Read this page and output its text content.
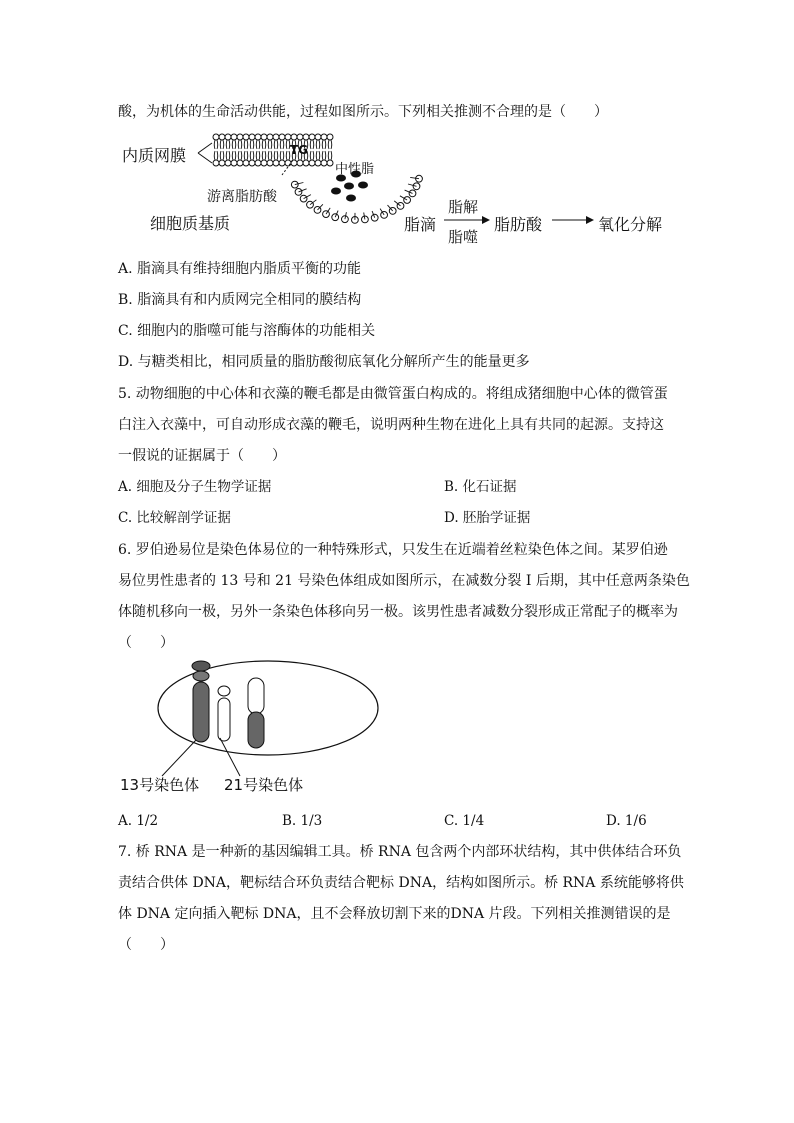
酸，为机体的生命活动供能，过程如图所示。下列相关推测不合理的是（　　）
内质网膜	TG
游离脂肪酸
中性脂
细胞质基质	脂滴
脂解
脂噬
脂肪酸	氧化分解
A. 脂滴具有维持细胞内脂质平衡的功能
B. 脂滴具有和内质网完全相同的膜结构
C. 细胞内的脂噬可能与溶酶体的功能相关
D. 与糖类相比，相同质量的脂肪酸彻底氧化分解所产生的能量更多
5. 动物细胞的中心体和衣藻的鞭毛都是由微管蛋白构成的。将组成猪细胞中心体的微管蛋
白注入衣藻中，可自动形成衣藻的鞭毛，说明两种生物在进化上具有共同的起源。支持这
一假说的证据属于（　　）
A. 细胞及分子生物学证据	B. 化石证据
C. 比较解剖学证据	D. 胚胎学证据
6. 罗伯逊易位是染色体易位的一种特殊形式，只发生在近端着丝粒染色体之间。某罗伯逊
易位男性患者的 13 号和 21 号染色体组成如图所示，在减数分裂 I 后期，其中任意两条染色
体随机移向一极，另外一条染色体移向另一极。该男性患者减数分裂形成正常配子的概率为
（　　）
13号染色体 21号染色体
A. 1/2	B. 1/3	C. 1/4	D. 1/6
7. 桥 RNA 是一种新的基因编辑工具。桥 RNA 包含两个内部环状结构，其中供体结合环负
责结合供体 DNA，靶标结合环负责结合靶标 DNA，结构如图所示。桥 RNA 系统能够将供
体 DNA 定向插入靶标 DNA，且不会释放切割下来的DNA 片段。下列相关推测错误的是
（　　）
